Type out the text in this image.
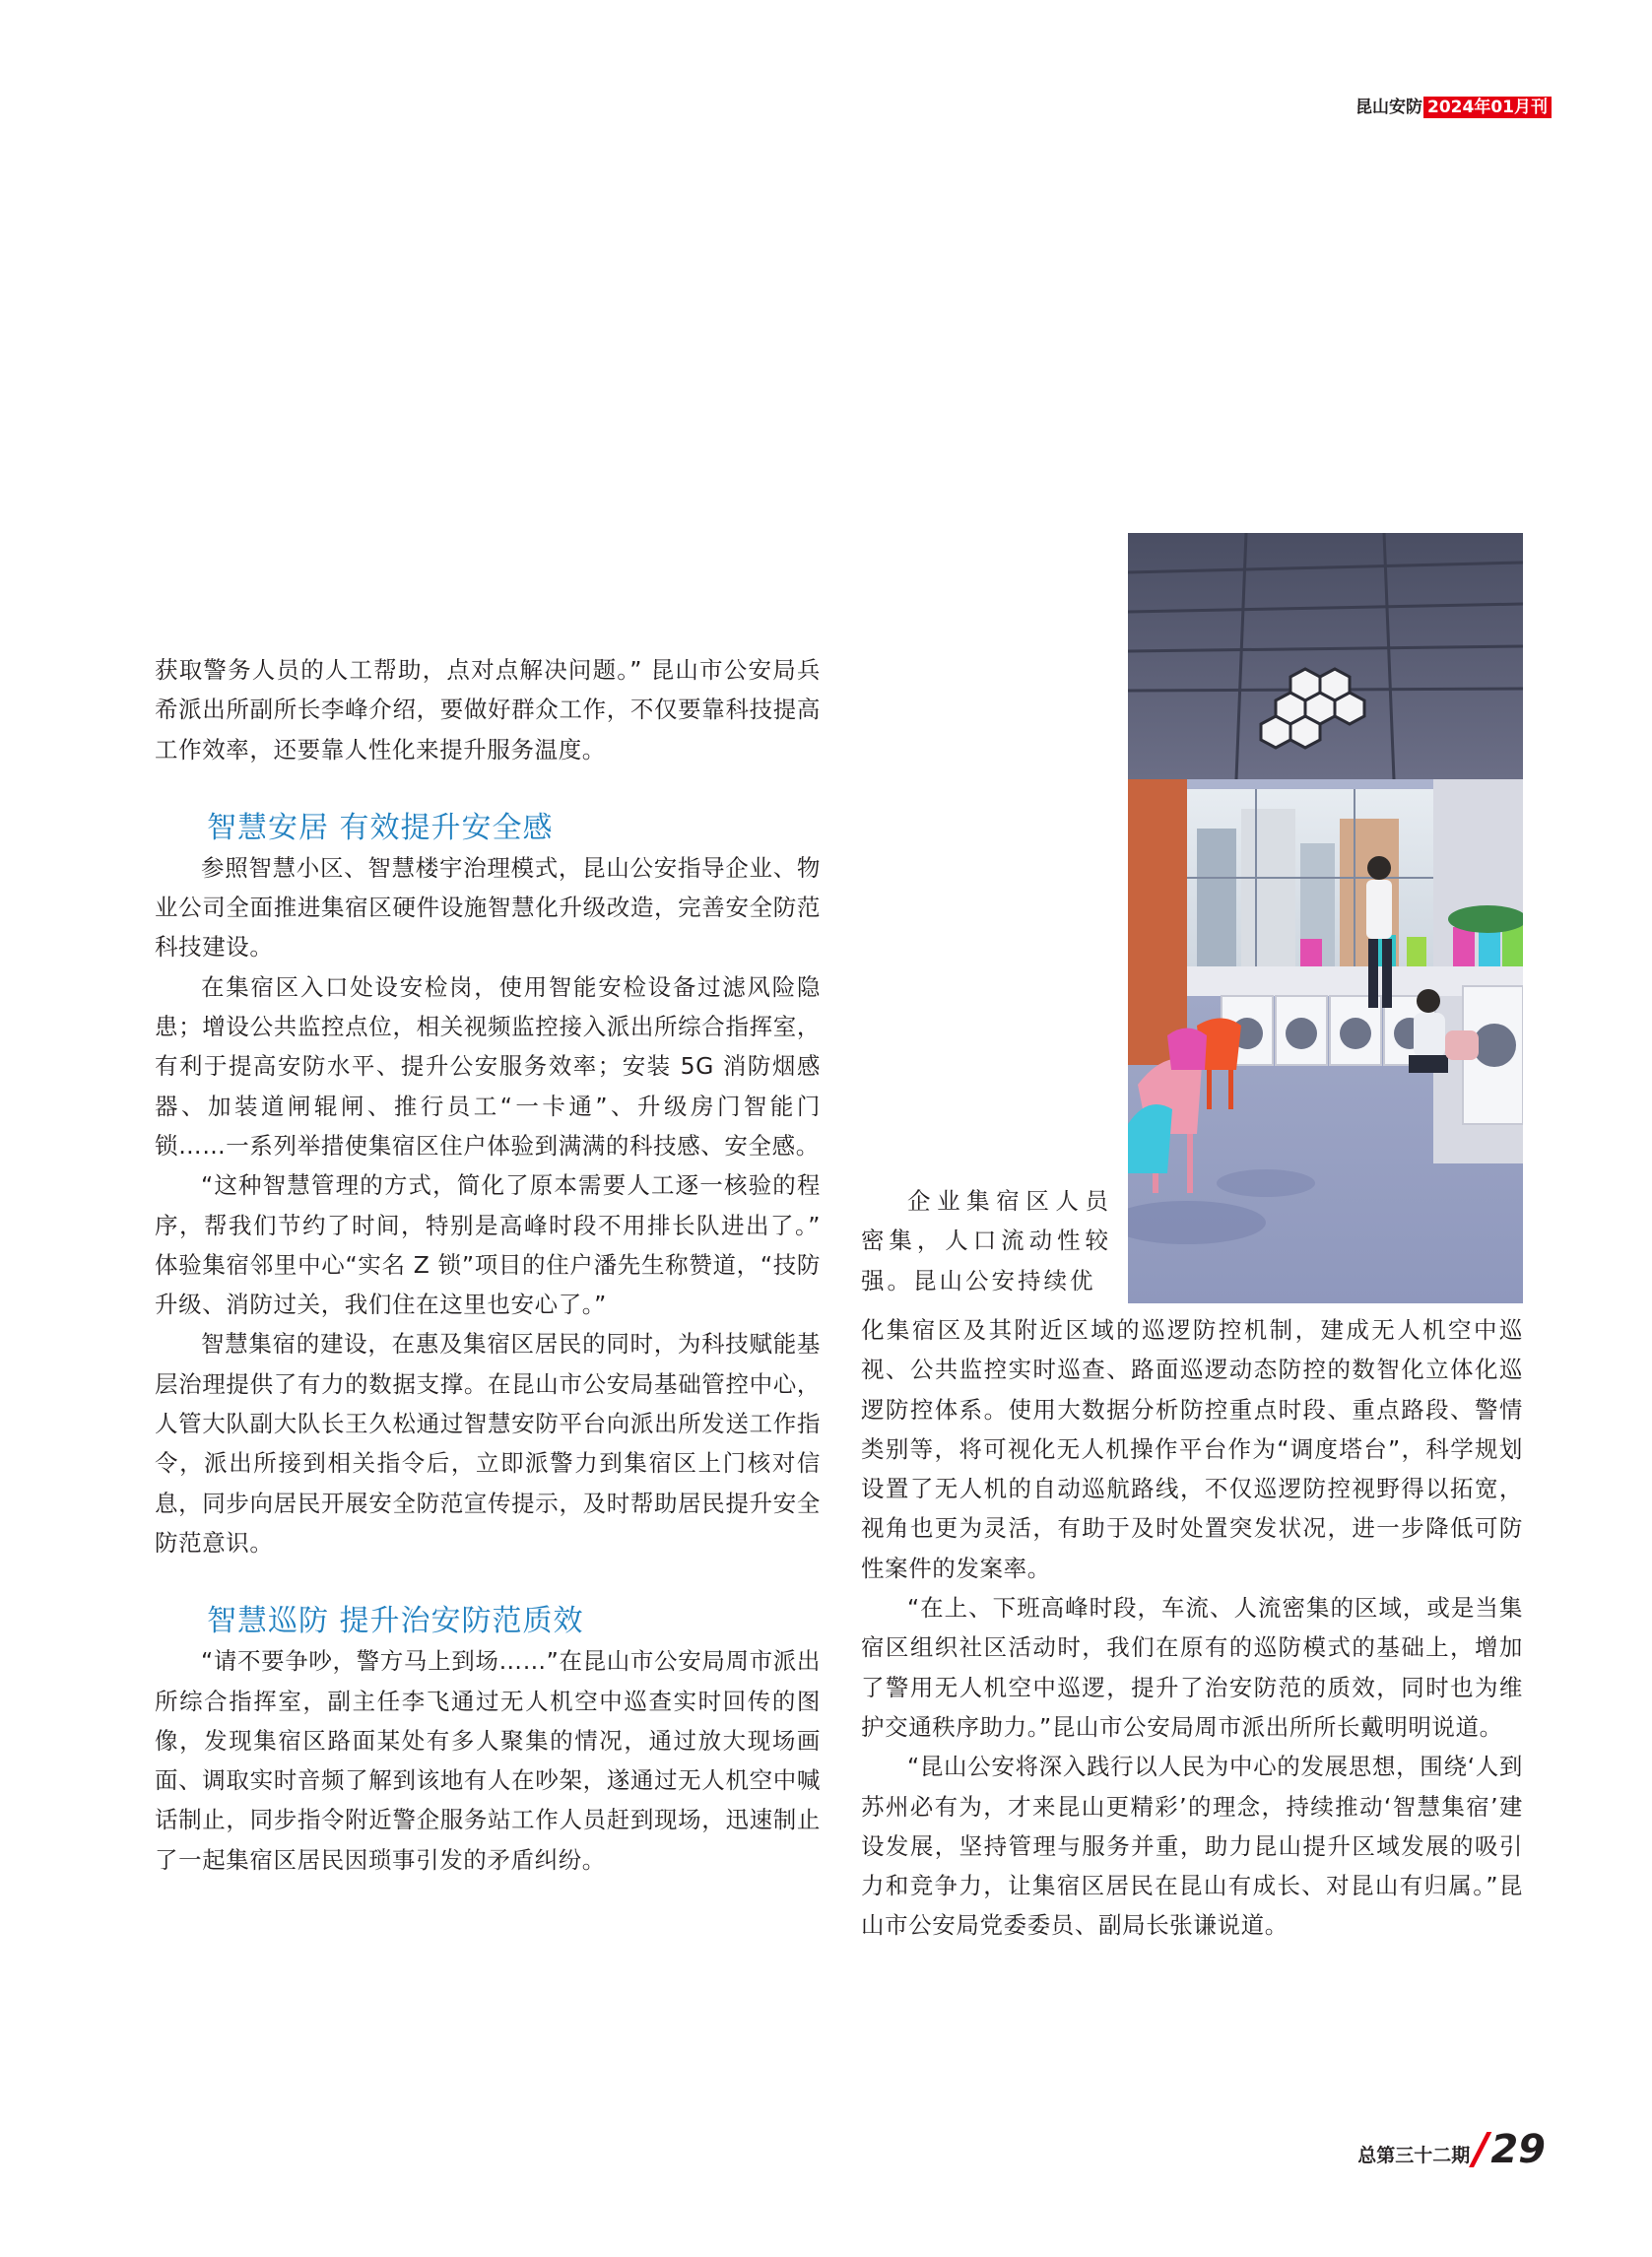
昆山安防 2024年01月刊

获取警务人员的人工帮助，点对点解决问题。” 昆山市公安局兵希派出所副所长李峰介绍，要做好群众工作，不仅要靠科技提高工作效率，还要靠人性化来提升服务温度。

智慧安居 有效提升安全感

参照智慧小区、智慧楼宇治理模式，昆山公安指导企业、物业公司全面推进集宿区硬件设施智慧化升级改造，完善安全防范科技建设。

在集宿区入口处设安检岗，使用智能安检设备过滤风险隐患；增设公共监控点位，相关视频监控接入派出所综合指挥室，有利于提高安防水平、提升公安服务效率；安装 5G 消防烟感器、加装道闸辊闸、推行员工“一卡通”、升级房门智能门锁……一系列举措使集宿区住户体验到满满的科技感、安全感。

“这种智慧管理的方式，简化了原本需要人工逐一核验的程序，帮我们节约了时间，特别是高峰时段不用排长队进出了。” 体验集宿邻里中心“实名 Z 锁”项目的住户潘先生称赞道，“技防升级、消防过关，我们住在这里也安心了。”

智慧集宿的建设，在惠及集宿区居民的同时，为科技赋能基层治理提供了有力的数据支撑。在昆山市公安局基础管控中心，人管大队副大队长王久松通过智慧安防平台向派出所发送工作指令，派出所接到相关指令后，立即派警力到集宿区上门核对信息，同步向居民开展安全防范宣传提示，及时帮助居民提升安全防范意识。

智慧巡防 提升治安防范质效

“请不要争吵，警方马上到场……”在昆山市公安局周市派出所综合指挥室，副主任李飞通过无人机空中巡查实时回传的图像，发现集宿区路面某处有多人聚集的情况，通过放大现场画面、调取实时音频了解到该地有人在吵架，遂通过无人机空中喊话制止，同步指令附近警企服务站工作人员赶到现场，迅速制止了一起集宿区居民因琐事引发的矛盾纠纷。

企业集宿区人员密集，人口流动性较强。昆山公安持续优

化集宿区及其附近区域的巡逻防控机制，建成无人机空中巡视、公共监控实时巡查、路面巡逻动态防控的数智化立体化巡逻防控体系。使用大数据分析防控重点时段、重点路段、警情类别等，将可视化无人机操作平台作为“调度塔台”，科学规划设置了无人机的自动巡航路线，不仅巡逻防控视野得以拓宽，视角也更为灵活，有助于及时处置突发状况，进一步降低可防性案件的发案率。

“在上、下班高峰时段，车流、人流密集的区域，或是当集宿区组织社区活动时，我们在原有的巡防模式的基础上，增加了警用无人机空中巡逻，提升了治安防范的质效，同时也为维护交通秩序助力。”昆山市公安局周市派出所所长戴明明说道。

“昆山公安将深入践行以人民为中心的发展思想，围绕‘人到苏州必有为，才来昆山更精彩’的理念，持续推动‘智慧集宿’建设发展，坚持管理与服务并重，助力昆山提升区域发展的吸引力和竞争力，让集宿区居民在昆山有成长、对昆山有归属。”昆山市公安局党委委员、副局长张谦说道。

总第三十二期 / 29
